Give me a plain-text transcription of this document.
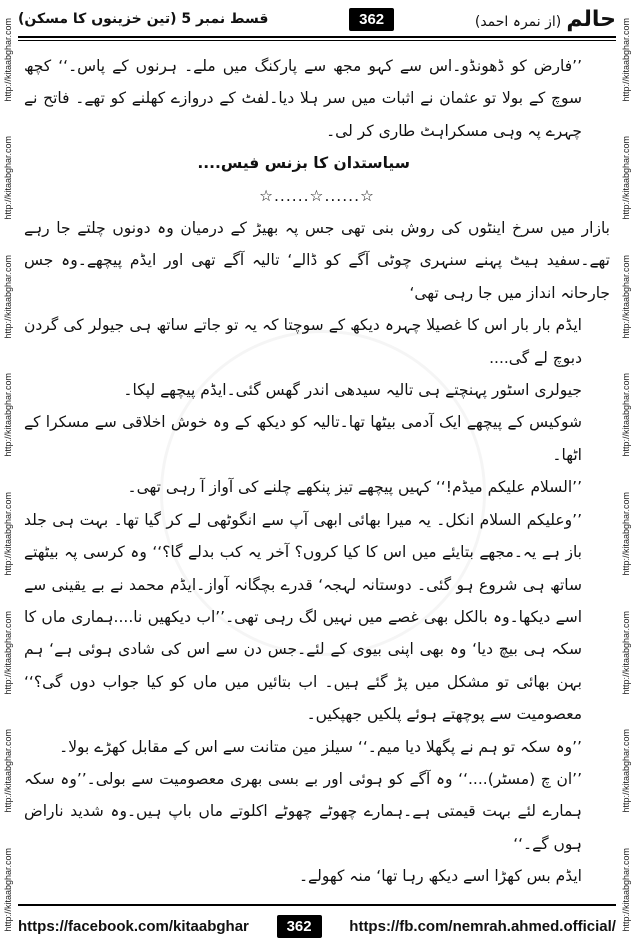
http://kitaabghar.com
http://kitaabghar.com
http://kitaabghar.com
http://kitaabghar.com
http://kitaabghar.com
http://kitaabghar.com
http://kitaabghar.com
http://kitaabghar.com
http://kitaabghar.com
http://kitaabghar.com
http://kitaabghar.com
http://kitaabghar.com
http://kitaabghar.com
http://kitaabghar.com
http://kitaabghar.com
http://kitaabghar.com
قسط نمبر 5 (تین خزینوں کا مسکن)	362	حالم (از نمرہ احمد)

’’فارض کو ڈھونڈو۔اس سے کہو مجھ سے پارکنگ میں ملے۔ ہرنوں کے پاس۔‘‘ کچھ سوچ کے بولا تو عثمان نے اثبات میں سر ہلا دیا۔لفٹ کے دروازے کھلنے کو تھے۔ فاتح نے چہرے پہ وہی مسکراہٹ طاری کر لی۔

سیاستدان کا بزنس فیس....

☆......☆......☆

بازار میں سرخ اینٹوں کی روش بنی تھی جس پہ بھیڑ کے درمیان وہ دونوں چلتے جا رہے تھے۔سفید ہیٹ پہنے سنہری چوٹی آگے کو ڈالے‘ تالیہ آگے تھی اور ایڈم پیچھے۔وہ جس جارحانہ انداز میں جا رہی تھی‘

ایڈم بار بار اس کا غصیلا چہرہ دیکھ کے سوچتا کہ یہ تو جاتے ساتھ ہی جیولر کی گردن دبوچ لے گی....

جیولری اسٹور پہنچتے ہی تالیہ سیدھی اندر گھس گئی۔ایڈم پیچھے لپکا۔

شوکیس کے پیچھے ایک آدمی بیٹھا تھا۔تالیہ کو دیکھ کے وہ خوش اخلاقی سے مسکرا کے اٹھا۔

’’السلام علیکم میڈم!‘‘ کہیں پیچھے تیز پنکھے چلنے کی آواز آ رہی تھی۔

’’وعلیکم السلام انکل۔ یہ میرا بھائی ابھی آپ سے انگوٹھی لے کر گیا تھا۔ بہت ہی جلد باز ہے یہ۔مجھے بتایئے میں اس کا کیا کروں؟ آخر یہ کب بدلے گا؟‘‘ وہ کرسی پہ بیٹھتے ساتھ ہی شروع ہو گئی۔ دوستانہ لہجہ‘ قدرے بچگانہ آواز۔ایڈم محمد نے بے یقینی سے اسے دیکھا۔وہ بالکل بھی غصے میں نہیں لگ رہی تھی۔’’اب دیکھیں نا....ہماری ماں کا سکہ ہی بیچ دیا‘ وہ بھی اپنی بیوی کے لئے۔جس دن سے اس کی شادی ہوئی ہے‘ ہم بہن بھائی تو مشکل میں پڑ گئے ہیں۔ اب بتائیں میں ماں کو کیا جواب دوں گی؟‘‘ معصومیت سے پوچھتے ہوئے پلکیں جھپکیں۔

’’وہ سکہ تو ہم نے پگھلا دیا میم۔‘‘ سیلز مین متانت سے اس کے مقابل کھڑے بولا۔

’’ان چ (مسٹر)....‘‘ وہ آگے کو ہوئی اور بے بسی بھری معصومیت سے بولی۔’’وہ سکہ ہمارے لئے بہت قیمتی ہے۔ہمارے چھوٹے چھوٹے اکلوتے ماں باپ ہیں۔وہ شدید ناراض ہوں گے۔‘‘

ایڈم بس کھڑا اسے دیکھ رہا تھا‘ منہ کھولے۔

https://facebook.com/kitaabghar	362	https://fb.com/nemrah.ahmed.official/
